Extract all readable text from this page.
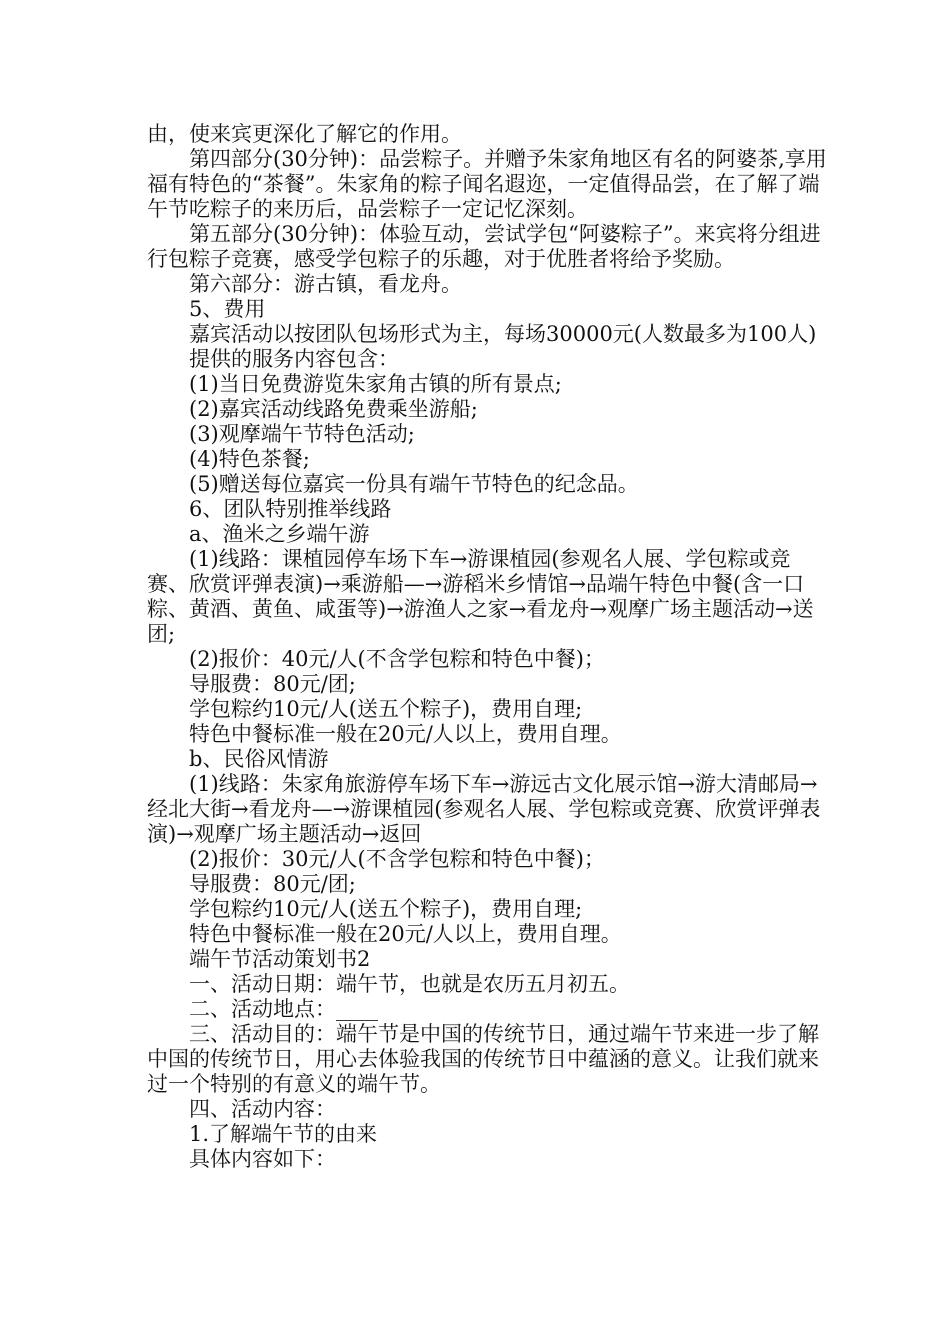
由，使来宾更深化了解它的作用。

第四部分(30分钟)：品尝粽子。并赠予朱家角地区有名的阿婆茶,享用福有特色的“茶餐”。朱家角的粽子闻名遐迩，一定值得品尝，在了解了端午节吃粽子的来历后，品尝粽子一定记忆深刻。

第五部分(30分钟)：体验互动，尝试学包“阿婆粽子”。来宾将分组进行包粽子竞赛，感受学包粽子的乐趣，对于优胜者将给予奖励。

第六部分：游古镇，看龙舟。

5、费用

嘉宾活动以按团队包场形式为主，每场30000元(人数最多为100人)

提供的服务内容包含：

(1)当日免费游览朱家角古镇的所有景点;

(2)嘉宾活动线路免费乘坐游船;

(3)观摩端午节特色活动;

(4)特色茶餐;

(5)赠送每位嘉宾一份具有端午节特色的纪念品。

6、团队特别推举线路

a、渔米之乡端午游

(1)线路：课植园停车场下车→游课植园(参观名人展、学包粽或竞赛、欣赏评弹表演)→乘游船—→游稻米乡情馆→品端午特色中餐(含一口粽、黄酒、黄鱼、咸蛋等)→游渔人之家→看龙舟→观摩广场主题活动→送团;

(2)报价：40元/人(不含学包粽和特色中餐)；

导服费：80元/团;

学包粽约10元/人(送五个粽子)，费用自理;

特色中餐标准一般在20元/人以上，费用自理。

b、民俗风情游

(1)线路：朱家角旅游停车场下车→游远古文化展示馆→游大清邮局→经北大街→看龙舟—→游课植园(参观名人展、学包粽或竞赛、欣赏评弹表演)→观摩广场主题活动→返回

(2)报价：30元/人(不含学包粽和特色中餐)；

导服费：80元/团;

学包粽约10元/人(送五个粽子)，费用自理;

特色中餐标准一般在20元/人以上，费用自理。

端午节活动策划书2

一、活动日期：端午节，也就是农历五月初五。

二、活动地点：____

三、活动目的：端午节是中国的传统节日，通过端午节来进一步了解中国的传统节日，用心去体验我国的传统节日中蕴涵的意义。让我们就来过一个特别的有意义的端午节。

四、活动内容：

1.了解端午节的由来

具体内容如下：
